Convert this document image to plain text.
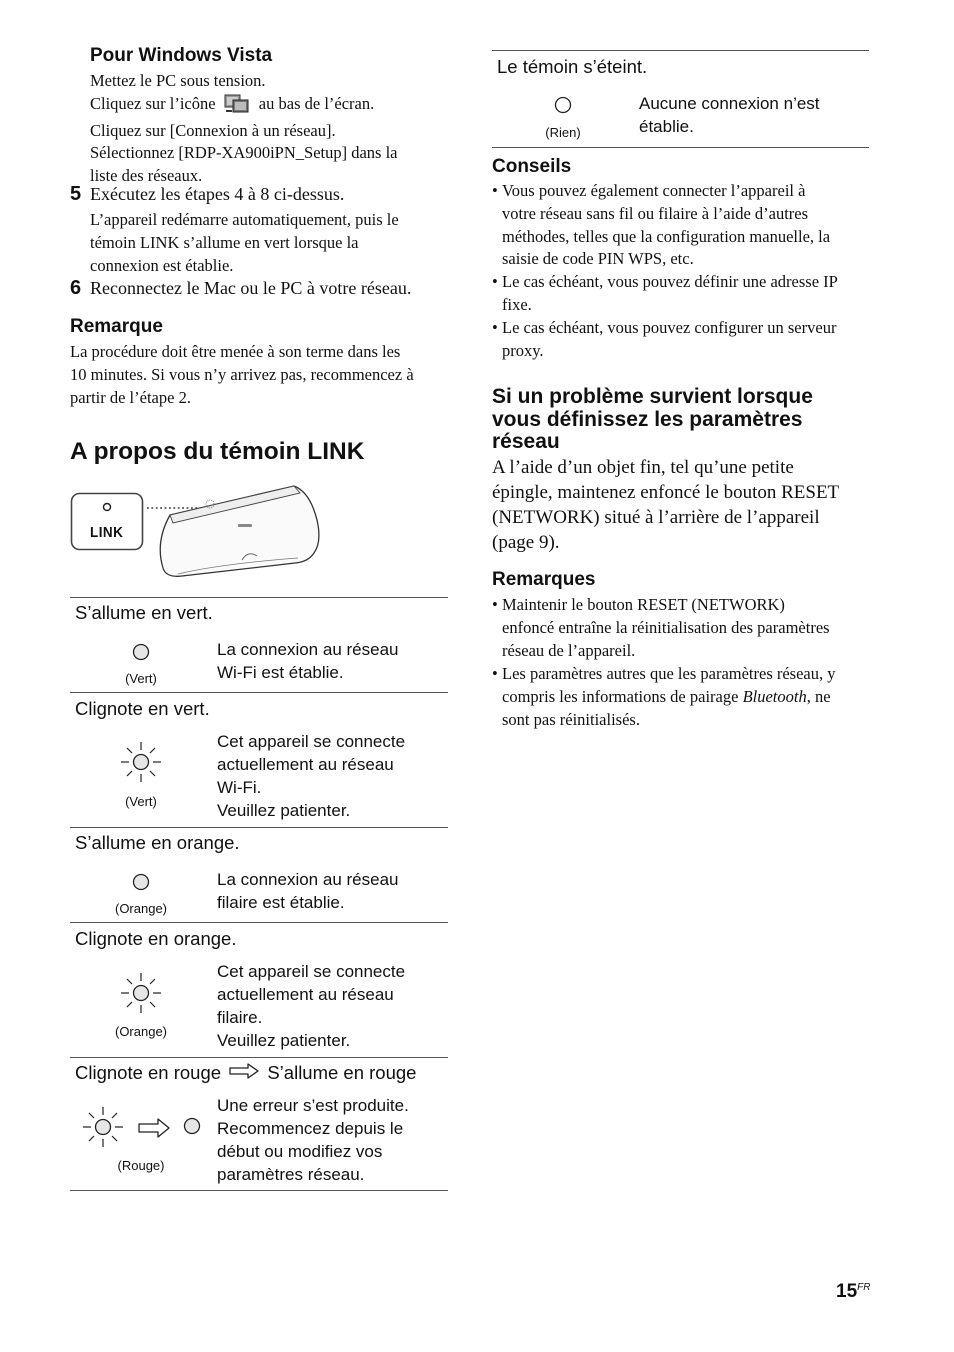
Pour Windows Vista
Mettez le PC sous tension.
Cliquez sur l’icône	au bas de l’écran.
Cliquez sur [Connexion à un réseau].
Sélectionnez [RDP-XA900iPN_Setup] dans la
liste des réseaux.
5 Exécutez les étapes 4 à 8 ci-dessus.
L’appareil redémarre automatiquement, puis le
témoin LINK s’allume en vert lorsque la
connexion est établie.
6 Reconnectez le Mac ou le PC à votre réseau.
Remarque
La procédure doit être menée à son terme dans les
10 minutes. Si vous n’y arrivez pas, recommencez à
partir de l’étape 2.
A propos du témoin LINK
LINK
S’allume en vert.
(Vert)
La connexion au réseau
Wi-Fi est établie.
Clignote en vert.
(Vert)
Cet appareil se connecte
actuellement au réseau
Wi-Fi.
Veuillez patienter.
S’allume en orange.
(Orange)
La connexion au réseau
filaire est établie.
Clignote en orange.
(Orange)
Cet appareil se connecte
actuellement au réseau
filaire.
Veuillez patienter.
Clignote en rouge	S’allume en rouge
(Rouge)
Une erreur s’est produite.
Recommencez depuis le
début ou modifiez vos
paramètres réseau.
Le témoin s’éteint.
(Rien)
Aucune connexion n’est
établie.
Conseils
• Vous pouvez également connecter l’appareil à
votre réseau sans fil ou filaire à l’aide d’autres
méthodes, telles que la configuration manuelle, la
saisie de code PIN WPS, etc.
• Le cas échéant, vous pouvez définir une adresse IP
fixe.
• Le cas échéant, vous pouvez configurer un serveur
proxy.
Si un problème survient lorsque
vous définissez les paramètres
réseau
A l’aide d’un objet fin, tel qu’une petite
épingle, maintenez enfoncé le bouton RESET
(NETWORK) situé à l’arrière de l’appareil
(page 9).
Remarques
• Maintenir le bouton RESET (NETWORK)
enfoncé entraîne la réinitialisation des paramètres
réseau de l’appareil.
• Les paramètres autres que les paramètres réseau, y
compris les informations de pairage Bluetooth, ne
sont pas réinitialisés.
$15^{FR}$
